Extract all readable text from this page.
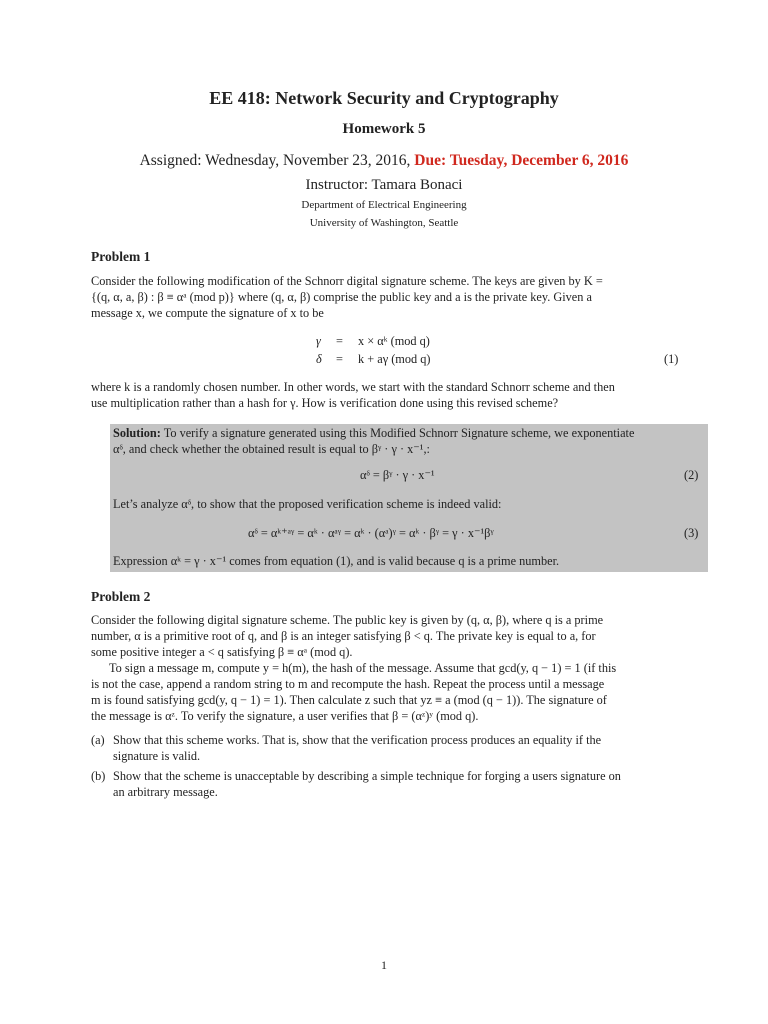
EE 418: Network Security and Cryptography
Homework 5
Assigned: Wednesday, November 23, 2016, Due: Tuesday, December 6, 2016
Instructor: Tamara Bonaci
Department of Electrical Engineering
University of Washington, Seattle
Problem 1
Consider the following modification of the Schnorr digital signature scheme. The keys are given by K =
{(q, α, a, β) : β ≡ αᵃ (mod p)} where (q, α, β) comprise the public key and a is the private key. Given a
message x, we compute the signature of x to be
γ = x × αᵏ (mod q)
δ = k + aγ (mod q)	(1)
where k is a randomly chosen number. In other words, we start with the standard Schnorr scheme and then
use multiplication rather than a hash for γ. How is verification done using this revised scheme?
Solution: To verify a signature generated using this Modified Schnorr Signature scheme, we exponentiate
αᵟ, and check whether the obtained result is equal to βᵞ · γ · x⁻¹,:
αᵟ = βᵞ · γ · x⁻¹	(2)
Let’s analyze αᵟ, to show that the proposed verification scheme is indeed valid:
αᵟ = αᵏ⁺ᵃᵞ = αᵏ · αᵃᵞ = αᵏ · (αᵃ)ᵞ = αᵏ · βᵞ = γ · x⁻¹βᵞ	(3)
Expression αᵏ = γ · x⁻¹ comes from equation (1), and is valid because q is a prime number.
Problem 2
Consider the following digital signature scheme. The public key is given by (q, α, β), where q is a prime
number, α is a primitive root of q, and β is an integer satisfying β < q. The private key is equal to a, for
some positive integer a < q satisfying β ≡ αᵃ (mod q).
To sign a message m, compute y = h(m), the hash of the message. Assume that gcd(y, q − 1) = 1 (if this
is not the case, append a random string to m and recompute the hash. Repeat the process until a message
m is found satisfying gcd(y, q − 1) = 1). Then calculate z such that yz ≡ a (mod (q − 1)). The signature of
the message is αᶻ. To verify the signature, a user verifies that β = (αᶻ)ʸ (mod q).
(a) Show that this scheme works. That is, show that the verification process produces an equality if the
signature is valid.
(b) Show that the scheme is unacceptable by describing a simple technique for forging a users signature on
an arbitrary message.
1
